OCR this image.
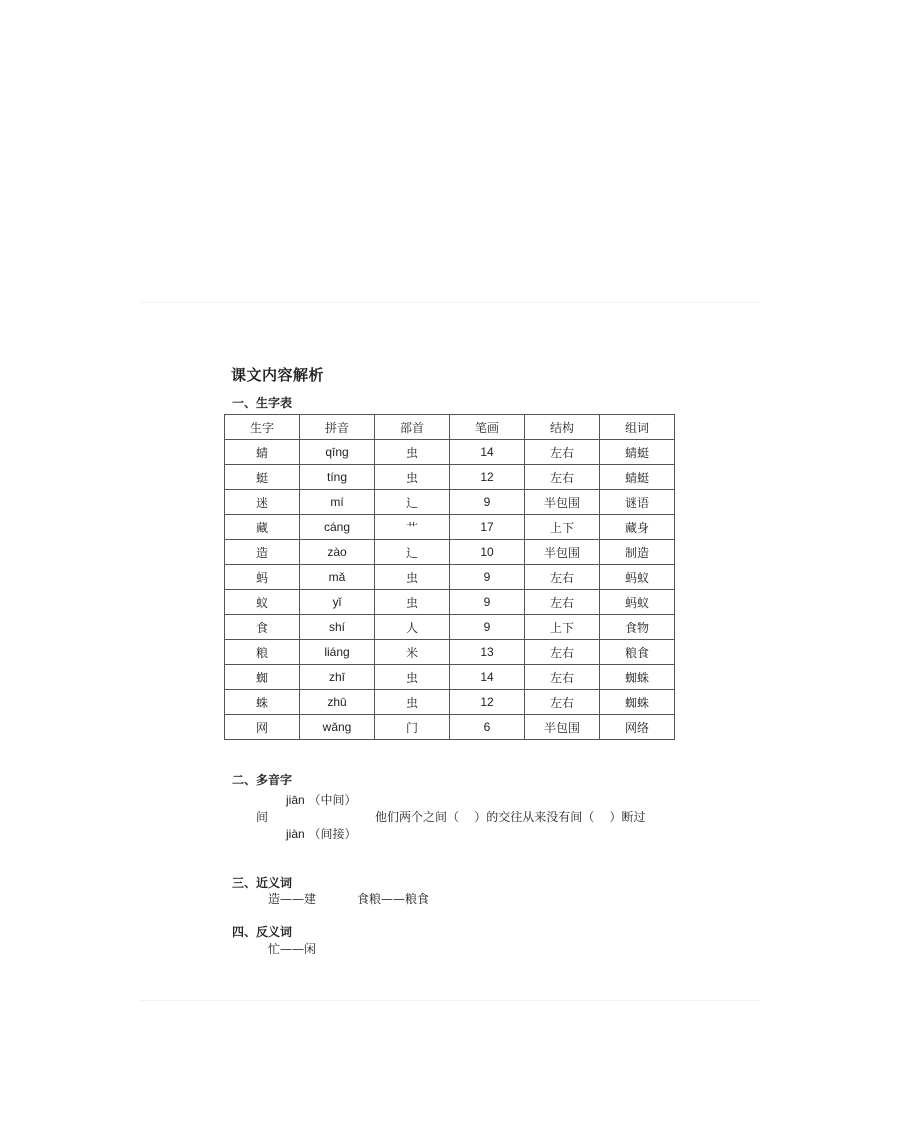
课文内容解析
一、生字表
生字	拼音	部首	笔画	结构	组词
蜻	qīng	虫	14	左右	蜻蜓
蜓	tíng	虫	12	左右	蜻蜓
迷	mí	辶	9	半包围	谜语
藏	cáng	艹	17	上下	藏身
造	zào	辶	10	半包围	制造
蚂	mǎ	虫	9	左右	蚂蚁
蚁	yǐ	虫	9	左右	蚂蚁
食	shí	人	9	上下	食物
粮	liáng	米	13	左右	粮食
蜘	zhī	虫	14	左右	蜘蛛
蛛	zhū	虫	12	左右	蜘蛛
网	wǎng	门	6	半包围	网络
二、多音字
jiān （中间）
间	他们两个之间（    ）的交往从来没有间（    ）断过
jiàn （间接）
三、近义词
造——建	食粮——粮食
四、反义词
忙——闲
